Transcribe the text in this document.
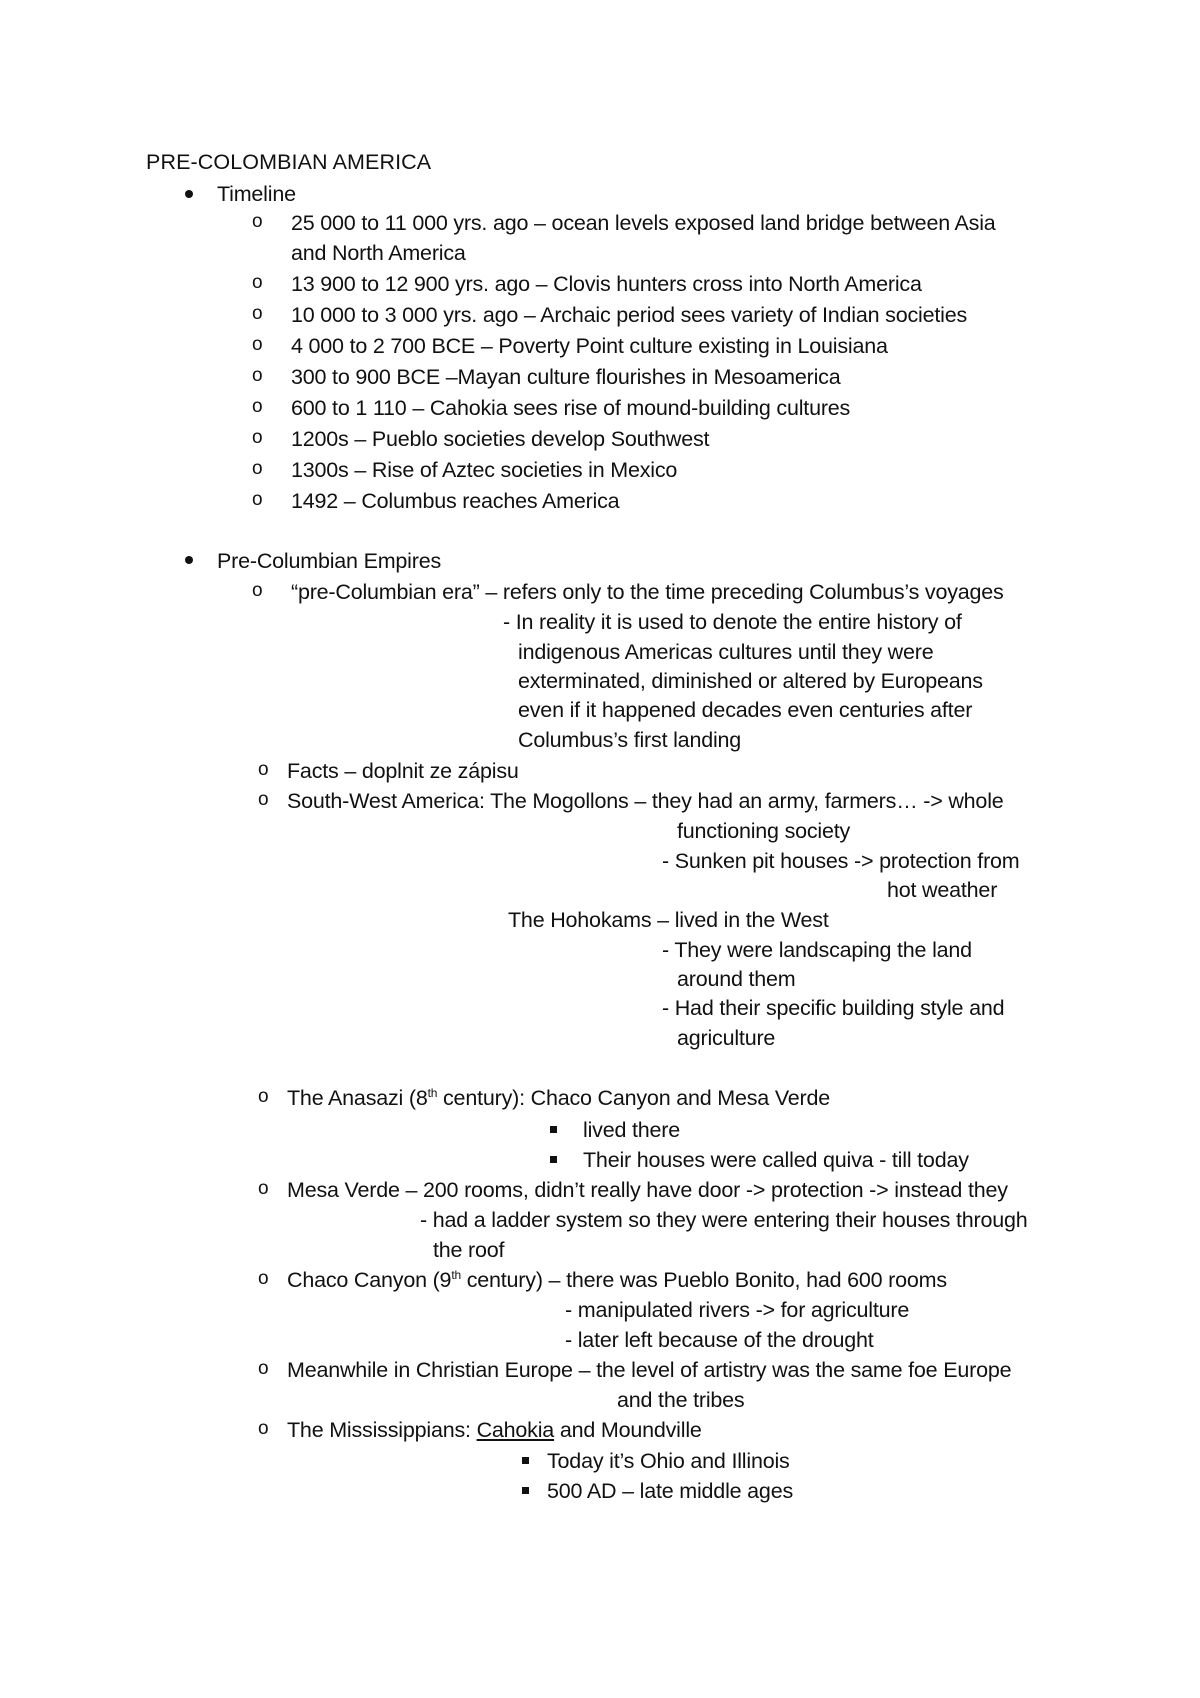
PRE-COLOMBIAN AMERICA
Timeline
o 25 000 to 11 000 yrs. ago – ocean levels exposed land bridge between Asia
and North America
o 13 900 to 12 900 yrs. ago – Clovis hunters cross into North America
o 10 000 to 3 000 yrs. ago – Archaic period sees variety of Indian societies
o 4 000 to 2 700 BCE – Poverty Point culture existing in Louisiana
o 300 to 900 BCE –Mayan culture flourishes in Mesoamerica
o 600 to 1 110 – Cahokia sees rise of mound-building cultures
o 1200s – Pueblo societies develop Southwest
o 1300s – Rise of Aztec societies in Mexico
o 1492 – Columbus reaches America
Pre-Columbian Empires
o “pre-Columbian era” – refers only to the time preceding Columbus’s voyages
- In reality it is used to denote the entire history of
indigenous Americas cultures until they were
exterminated, diminished or altered by Europeans
even if it happened decades even centuries after
Columbus’s first landing
o Facts – doplnit ze zápisu
o South-West America: The Mogollons – they had an army, farmers… -> whole
functioning society
- Sunken pit houses -> protection from
hot weather
The Hohokams – lived in the West
- They were landscaping the land
around them
- Had their specific building style and
agriculture
o The Anasazi (8th century): Chaco Canyon and Mesa Verde
lived there
Their houses were called quiva - till today
o Mesa Verde – 200 rooms, didn’t really have door -> protection -> instead they
- had a ladder system so they were entering their houses through
the roof
o Chaco Canyon (9th century) – there was Pueblo Bonito, had 600 rooms
- manipulated rivers -> for agriculture
- later left because of the drought
o Meanwhile in Christian Europe – the level of artistry was the same foe Europe
and the tribes
o The Mississippians: Cahokia and Moundville
Today it’s Ohio and Illinois
500 AD – late middle ages
